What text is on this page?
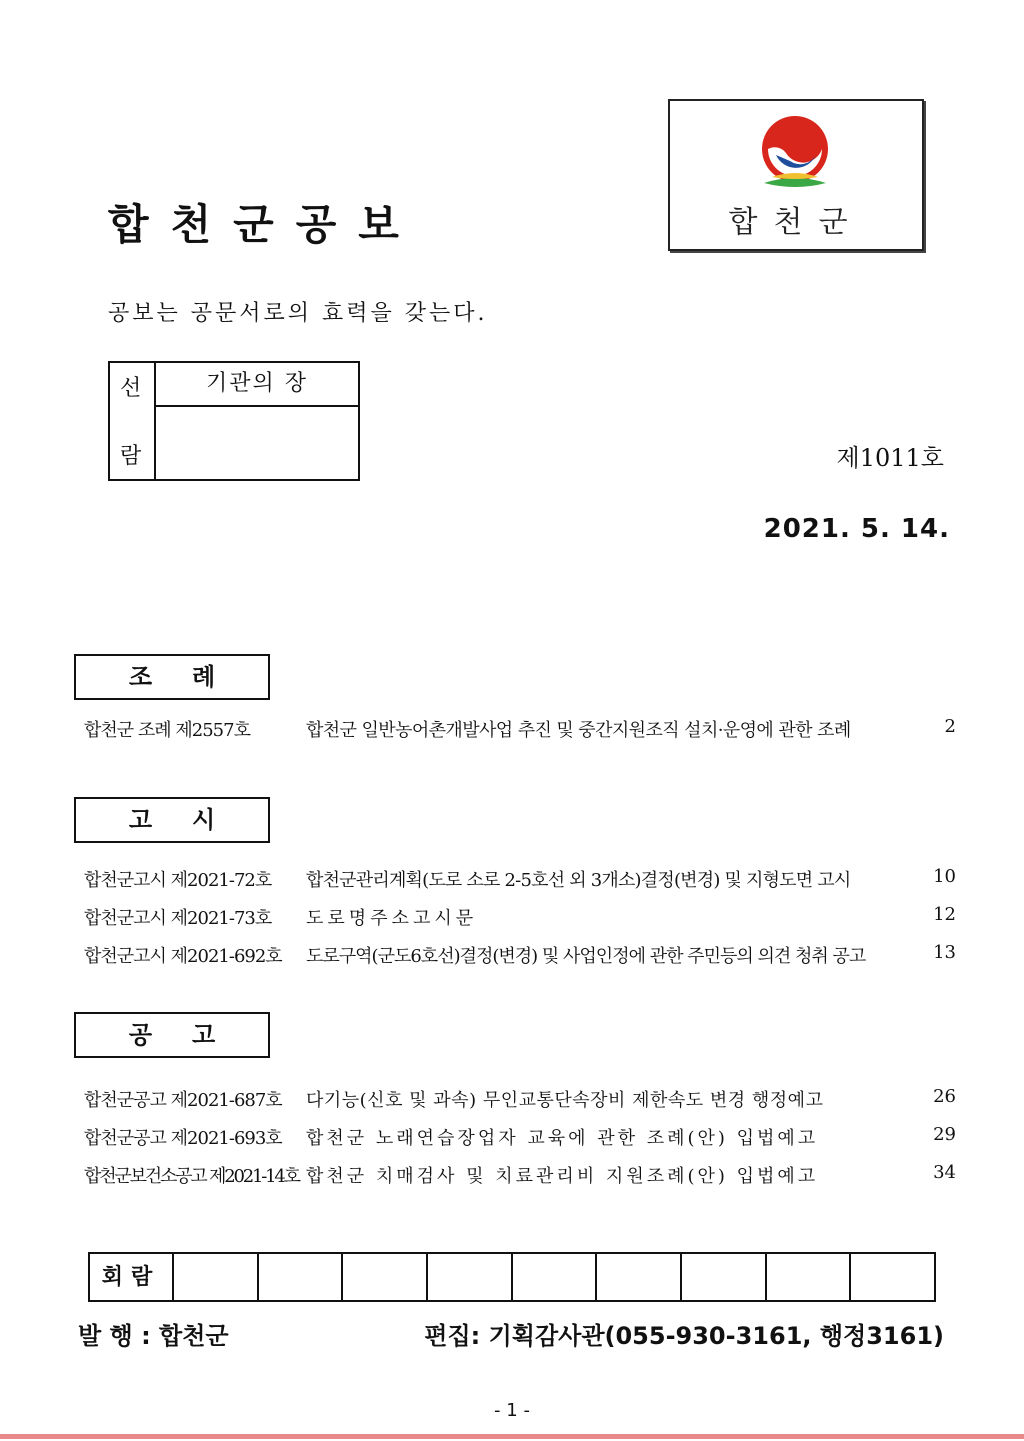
합천군공보	합천군
공보는 공문서로의 효력을 갖는다.
선
람
기관의 장
제1011호
2021. 5. 14.
조례
합천군 조례 제2557호	합천군 일반농어촌개발사업 추진 및 중간지원조직 설치·운영에 관한 조례	2
고시
합천군고시 제2021-72호 합천군관리계획(도로 소로 2-5호선 외 3개소)결정(변경) 및 지형도면 고시	10
합천군고시 제2021-73호 도로명주소고시문	12
합천군고시 제2021-692호 도로구역(군도6호선)결정(변경) 및 사업인정에 관한 주민등의 의견 청취 공고	13
공고
합천군공고 제2021-687호 다기능(신호 및 과속) 무인교통단속장비 제한속도 변경 행정예고	26
합천군공고 제2021-693호 합천군 노래연습장업자 교육에 관한 조례(안) 입법예고	29
합천군보건소공고 제2021-14호 합천군 치매검사 및 치료관리비 지원조례(안) 입법예고	34
회람
발 행 : 합천군	편집: 기획감사관(055-930-3161, 행정3161)
- 1 -
